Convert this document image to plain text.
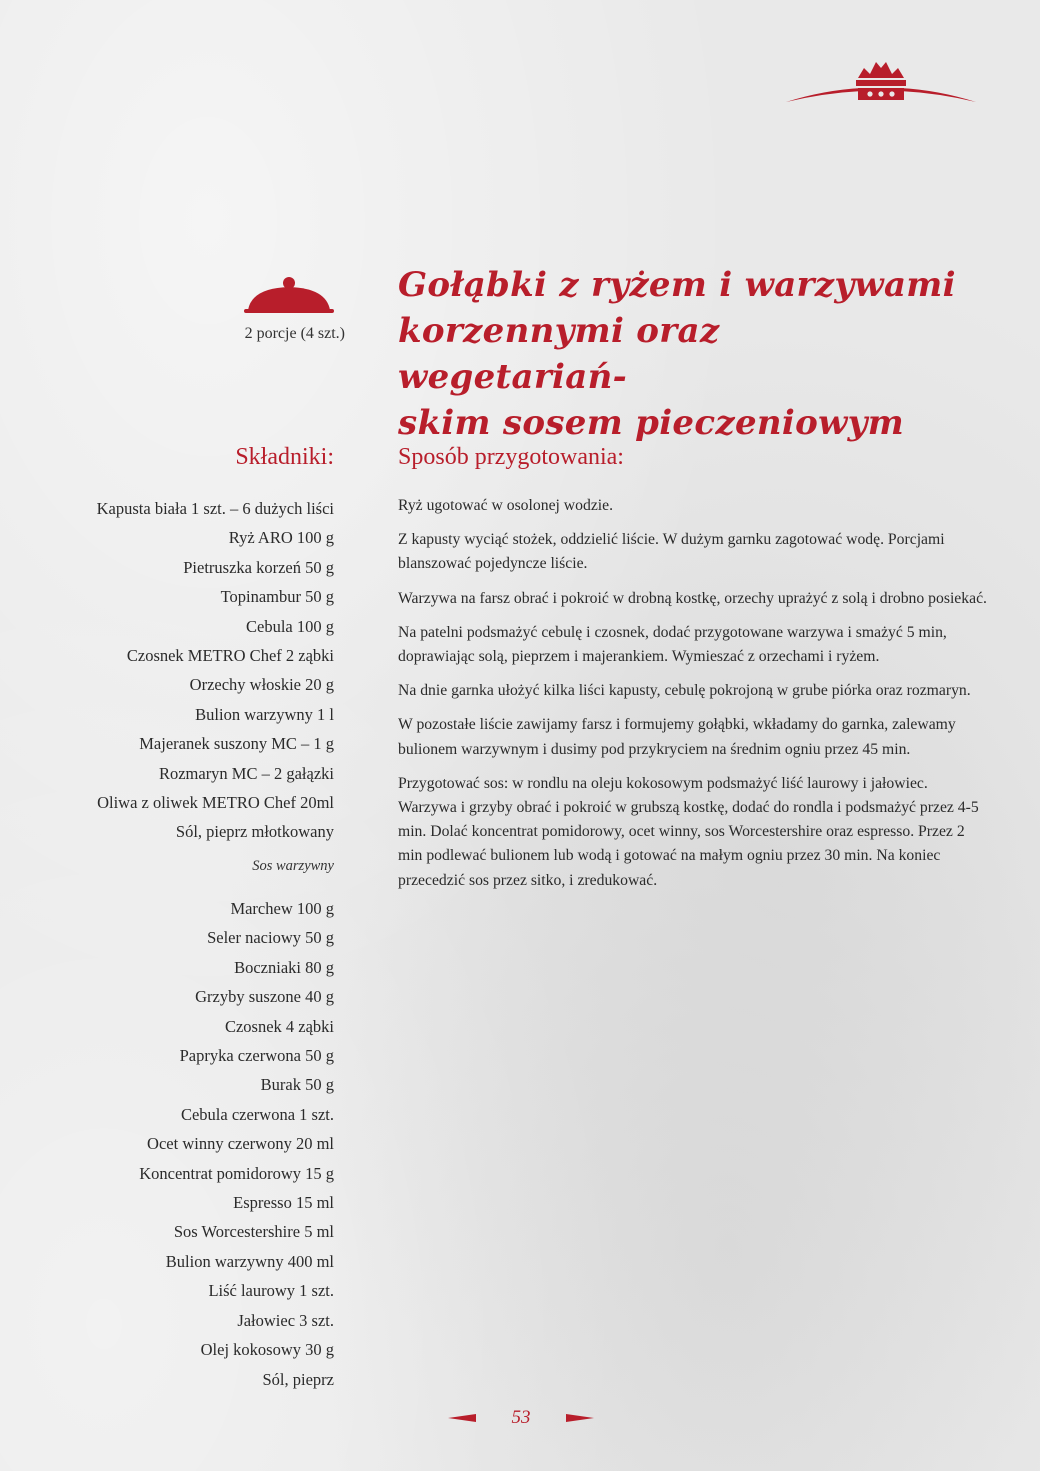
2 porcje (4 szt.)
Gołąbki z ryżem i warzywami
korzennymi oraz wegetariań-
skim sosem pieczeniowym
Składniki:	Sposób przygotowania:
Kapusta biała 1 szt. – 6 dużych liści
Ryż ARO 100 g
Pietruszka korzeń 50 g
Topinambur 50 g
Cebula 100 g
Czosnek METRO Chef 2 ząbki
Orzechy włoskie 20 g
Bulion warzywny 1 l
Majeranek suszony MC – 1 g
Rozmaryn MC – 2 gałązki
Oliwa z oliwek METRO Chef 20ml
Sól, pieprz młotkowany

Sos warzywny

Marchew 100 g
Seler naciowy 50 g
Boczniaki 80 g
Grzyby suszone 40 g
Czosnek 4 ząbki
Papryka czerwona 50 g
Burak 50 g
Cebula czerwona 1 szt.
Ocet winny czerwony 20 ml
Koncentrat pomidorowy 15 g
Espresso 15 ml
Sos Worcestershire 5 ml
Bulion warzywny 400 ml
Liść laurowy 1 szt.
Jałowiec 3 szt.
Olej kokosowy 30 g
Sól, pieprz

Ryż ugotować w osolonej wodzie.

Z kapusty wyciąć stożek, oddzielić liście. W dużym garnku zagotować wodę. Porcjami blanszować pojedyncze liście.

Warzywa na farsz obrać i pokroić w drobną kostkę, orzechy uprażyć z solą i drobno posiekać.

Na patelni podsmażyć cebulę i czosnek, dodać przygotowane warzywa i smażyć 5 min, doprawiając solą, pieprzem i majerankiem. Wymieszać z orzechami i ryżem.

Na dnie garnka ułożyć kilka liści kapusty, cebulę pokrojoną w grube piórka oraz rozmaryn.

W pozostałe liście zawijamy farsz i formujemy gołąbki, wkładamy do garnka, zalewamy bulionem warzywnym i dusimy pod przykryciem na średnim ogniu przez 45 min.

Przygotować sos: w rondlu na oleju kokosowym podsmażyć liść laurowy i jałowiec. Warzywa i grzyby obrać i pokroić w grubszą kostkę, dodać do rondla i podsmażyć przez 4-5 min. Dolać koncentrat pomidorowy, ocet winny, sos Worcestershire oraz espresso. Przez 2 min podlewać bulionem lub wodą i gotować na małym ogniu przez 30 min. Na koniec przecedzić sos przez sitko, i zredukować.

53
